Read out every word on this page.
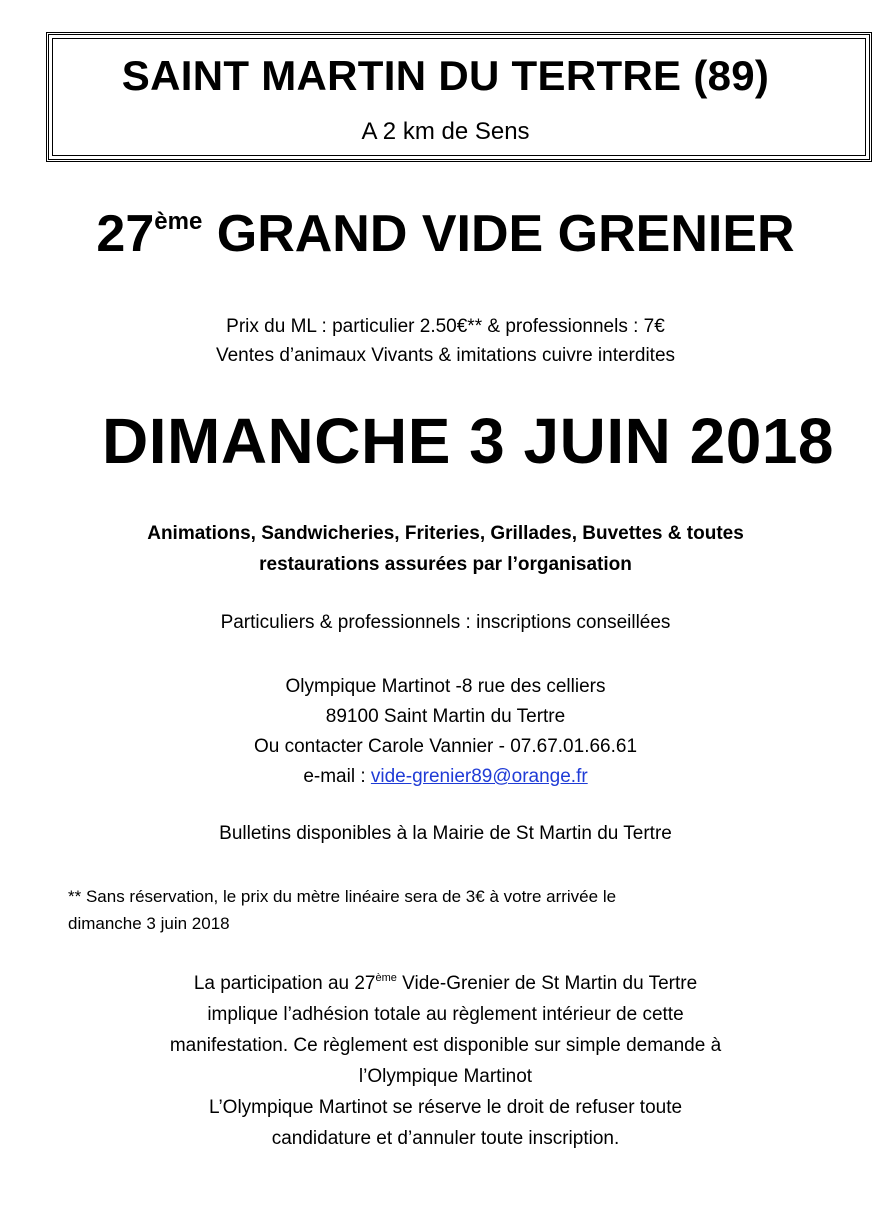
SAINT MARTIN DU TERTRE (89)
A 2 km de Sens
27ème GRAND VIDE GRENIER
Prix du ML : particulier 2.50€** & professionnels : 7€
Ventes d’animaux Vivants & imitations cuivre interdites
DIMANCHE 3 JUIN 2018
Animations, Sandwicheries, Friteries, Grillades, Buvettes & toutes
restaurations assurées par l’organisation
Particuliers & professionnels : inscriptions conseillées
Olympique Martinot -8 rue des celliers
89100 Saint Martin du Tertre
Ou contacter Carole Vannier - 07.67.01.66.61
e-mail : vide-grenier89@orange.fr
Bulletins disponibles à la Mairie de St Martin du Tertre
** Sans réservation, le prix du mètre linéaire sera de 3€ à votre arrivée le
dimanche 3 juin 2018
La participation au 27ème Vide-Grenier de St Martin du Tertre
implique l’adhésion totale au règlement intérieur de cette
manifestation. Ce règlement est disponible sur simple demande à
l’Olympique Martinot
L’Olympique Martinot se réserve le droit de refuser toute
candidature et d’annuler toute inscription.
